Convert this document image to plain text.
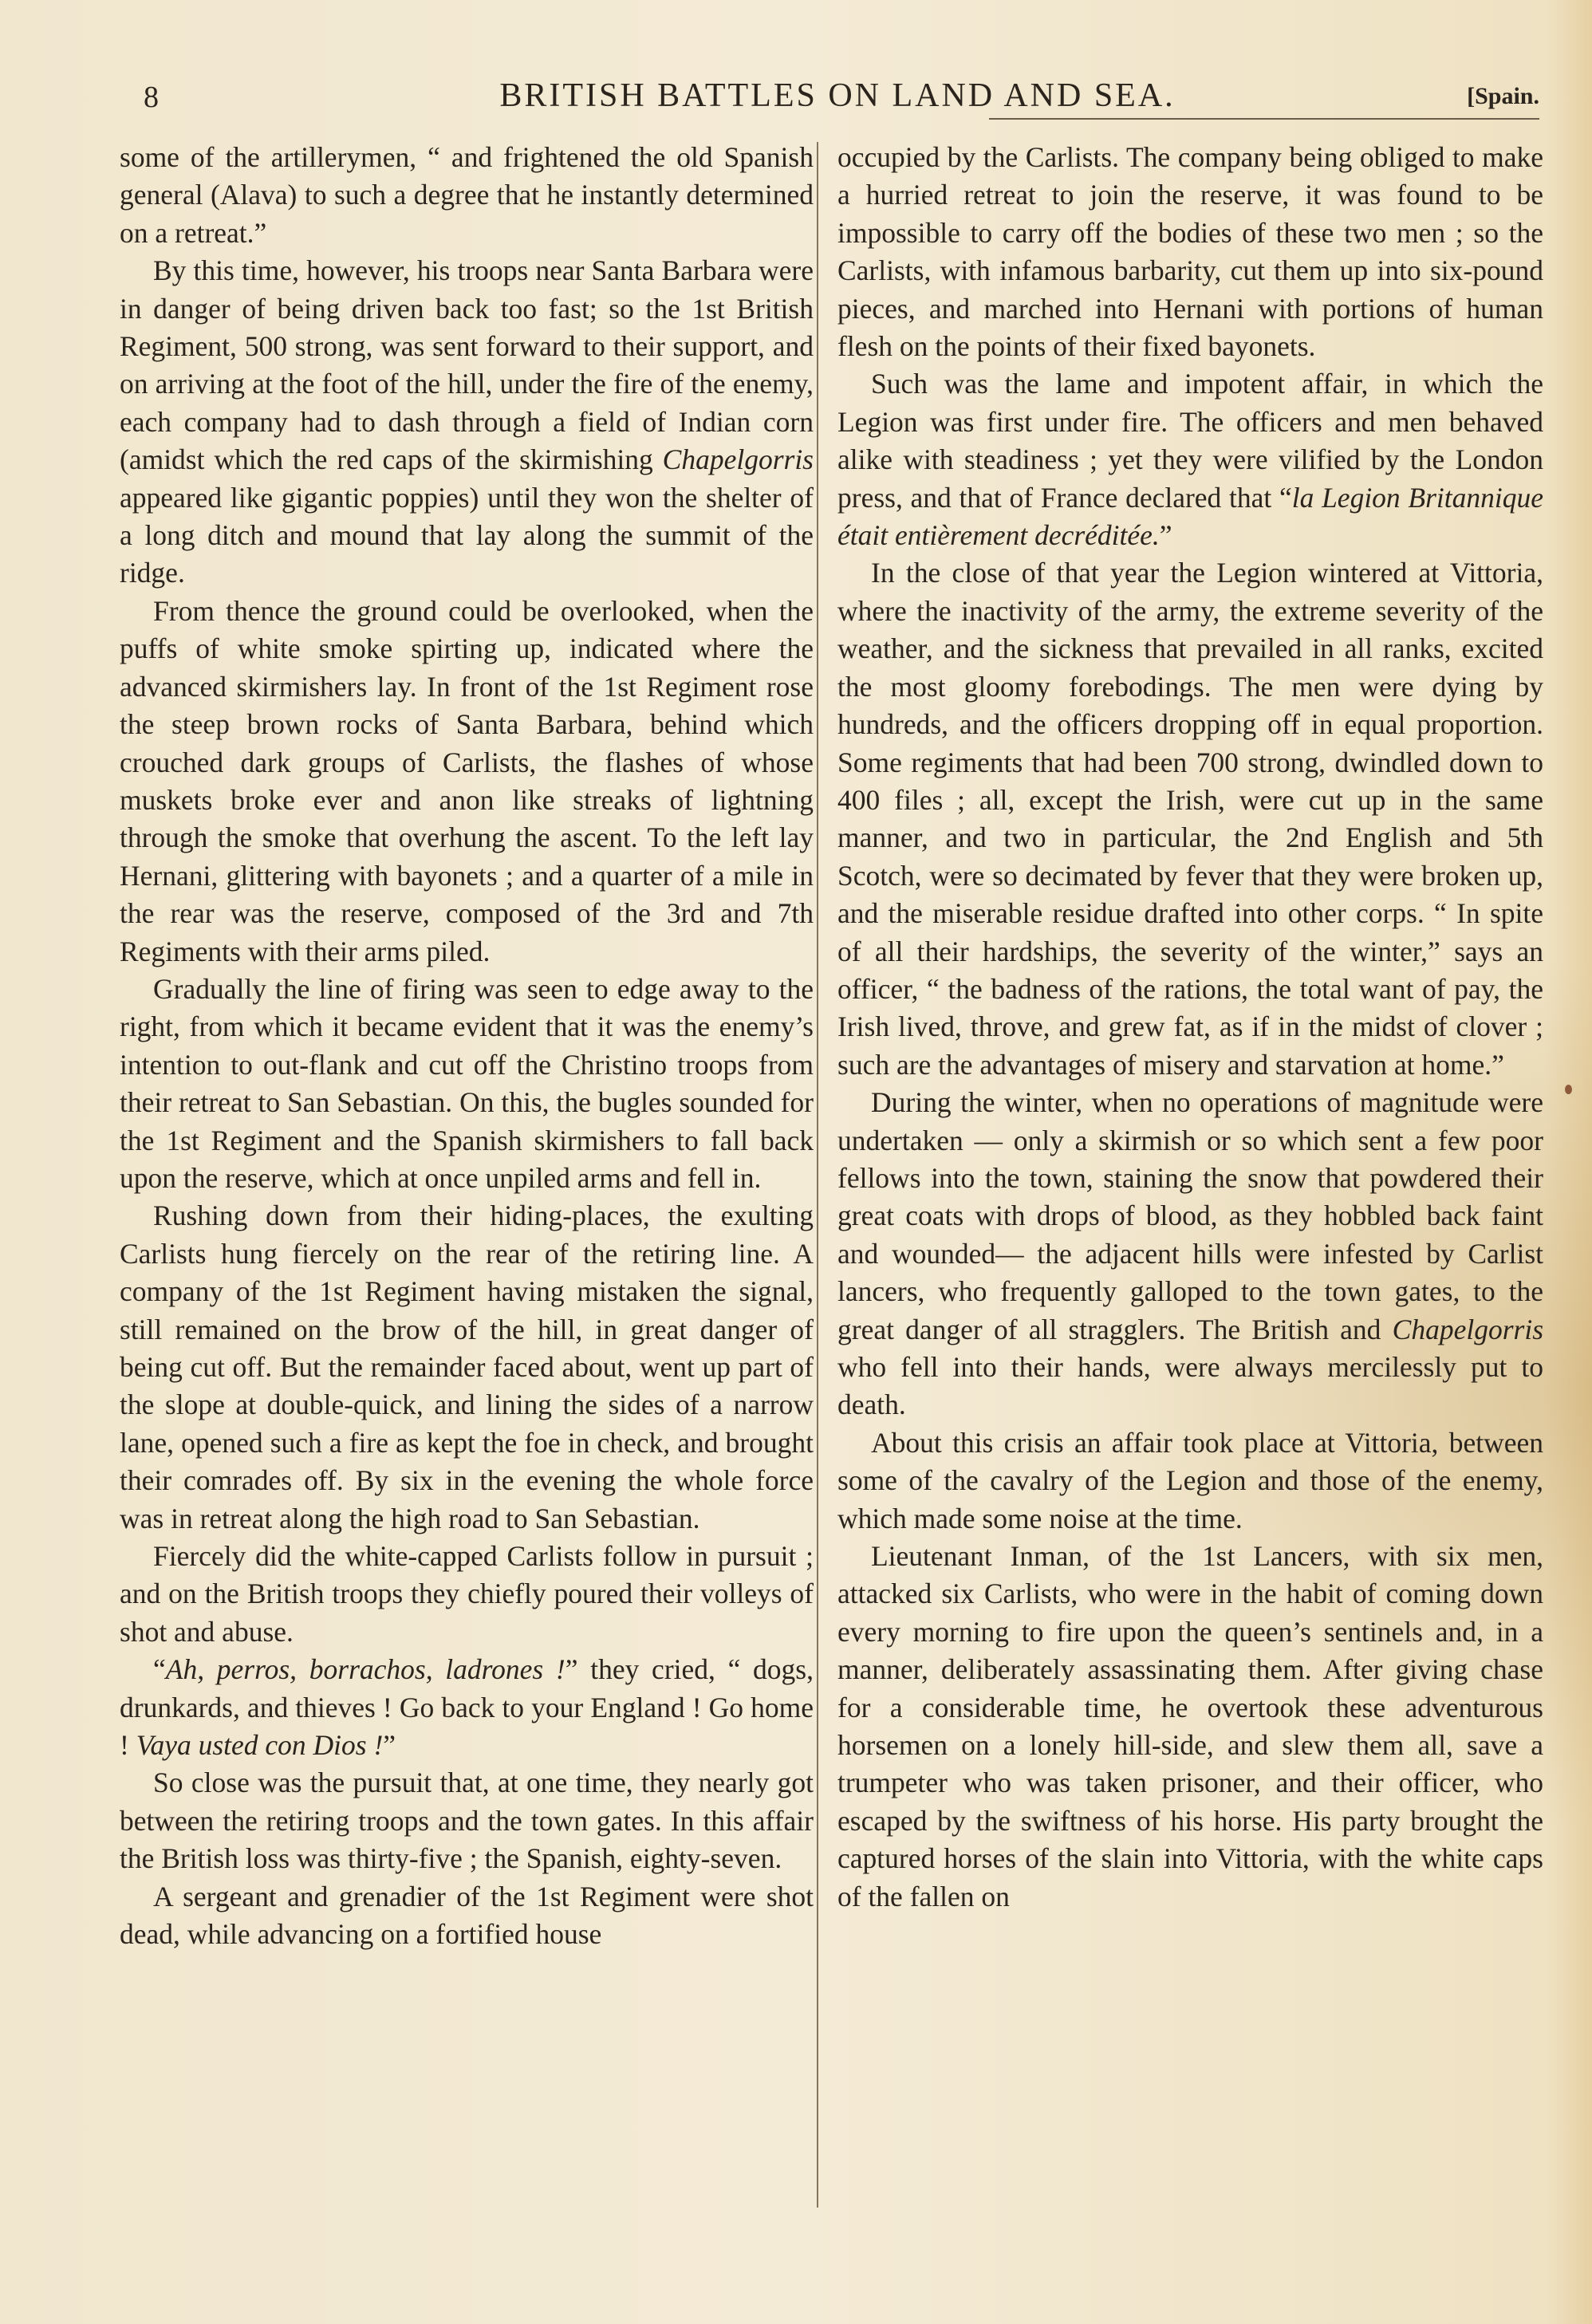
8	BRITISH BATTLES ON LAND AND SEA.	[Spain.

some of the artillerymen, “ and frightened the old Spanish general (Alava) to such a degree that he instantly determined on a retreat.”

By this time, however, his troops near Santa Barbara were in danger of being driven back too fast; so the 1st British Regiment, 500 strong, was sent forward to their support, and on arriving at the foot of the hill, under the fire of the enemy, each company had to dash through a field of Indian corn (amidst which the red caps of the skirmishing Chapelgorris appeared like gigantic poppies) until they won the shelter of a long ditch and mound that lay along the summit of the ridge.

From thence the ground could be overlooked, when the puffs of white smoke spirting up, indicated where the advanced skirmishers lay. In front of the 1st Regiment rose the steep brown rocks of Santa Barbara, behind which crouched dark groups of Carlists, the flashes of whose muskets broke ever and anon like streaks of lightning through the smoke that overhung the ascent. To the left lay Hernani, glittering with bayonets ; and a quarter of a mile in the rear was the reserve, composed of the 3rd and 7th Regiments with their arms piled.

Gradually the line of firing was seen to edge away to the right, from which it became evident that it was the enemy’s intention to out-flank and cut off the Christino troops from their retreat to San Sebastian. On this, the bugles sounded for the 1st Regiment and the Spanish skirmishers to fall back upon the reserve, which at once unpiled arms and fell in.

Rushing down from their hiding-places, the exulting Carlists hung fiercely on the rear of the retiring line. A company of the 1st Regiment having mistaken the signal, still remained on the brow of the hill, in great danger of being cut off. But the remainder faced about, went up part of the slope at double-quick, and lining the sides of a narrow lane, opened such a fire as kept the foe in check, and brought their comrades off. By six in the evening the whole force was in retreat along the high road to San Sebastian.

Fiercely did the white-capped Carlists follow in pursuit ; and on the British troops they chiefly poured their volleys of shot and abuse.

“Ah, perros, borrachos, ladrones !” they cried, “ dogs, drunkards, and thieves ! Go back to your England ! Go home ! Vaya usted con Dios !”

So close was the pursuit that, at one time, they nearly got between the retiring troops and the town gates. In this affair the British loss was thirty-five ; the Spanish, eighty-seven.

A sergeant and grenadier of the 1st Regiment were shot dead, while advancing on a fortified house

occupied by the Carlists. The company being obliged to make a hurried retreat to join the reserve, it was found to be impossible to carry off the bodies of these two men ; so the Carlists, with infamous barbarity, cut them up into six-pound pieces, and marched into Hernani with portions of human flesh on the points of their fixed bayonets.

Such was the lame and impotent affair, in which the Legion was first under fire. The officers and men behaved alike with steadiness ; yet they were vilified by the London press, and that of France declared that “la Legion Britannique était entièrement decréditée.”

In the close of that year the Legion wintered at Vittoria, where the inactivity of the army, the extreme severity of the weather, and the sickness that prevailed in all ranks, excited the most gloomy forebodings. The men were dying by hundreds, and the officers dropping off in equal proportion. Some regiments that had been 700 strong, dwindled down to 400 files ; all, except the Irish, were cut up in the same manner, and two in particular, the 2nd English and 5th Scotch, were so decimated by fever that they were broken up, and the miserable residue drafted into other corps. “ In spite of all their hardships, the severity of the winter,” says an officer, “ the badness of the rations, the total want of pay, the Irish lived, throve, and grew fat, as if in the midst of clover ; such are the advantages of misery and starvation at home.”

During the winter, when no operations of magnitude were undertaken — only a skirmish or so which sent a few poor fellows into the town, staining the snow that powdered their great coats with drops of blood, as they hobbled back faint and wounded— the adjacent hills were infested by Carlist lancers, who frequently galloped to the town gates, to the great danger of all stragglers. The British and Chapelgorris who fell into their hands, were always mercilessly put to death.

About this crisis an affair took place at Vittoria, between some of the cavalry of the Legion and those of the enemy, which made some noise at the time.

Lieutenant Inman, of the 1st Lancers, with six men, attacked six Carlists, who were in the habit of coming down every morning to fire upon the queen’s sentinels and, in a manner, deliberately assassinating them. After giving chase for a considerable time, he overtook these adventurous horsemen on a lonely hill-side, and slew them all, save a trumpeter who was taken prisoner, and their officer, who escaped by the swiftness of his horse. His party brought the captured horses of the slain into Vittoria, with the white caps of the fallen on
